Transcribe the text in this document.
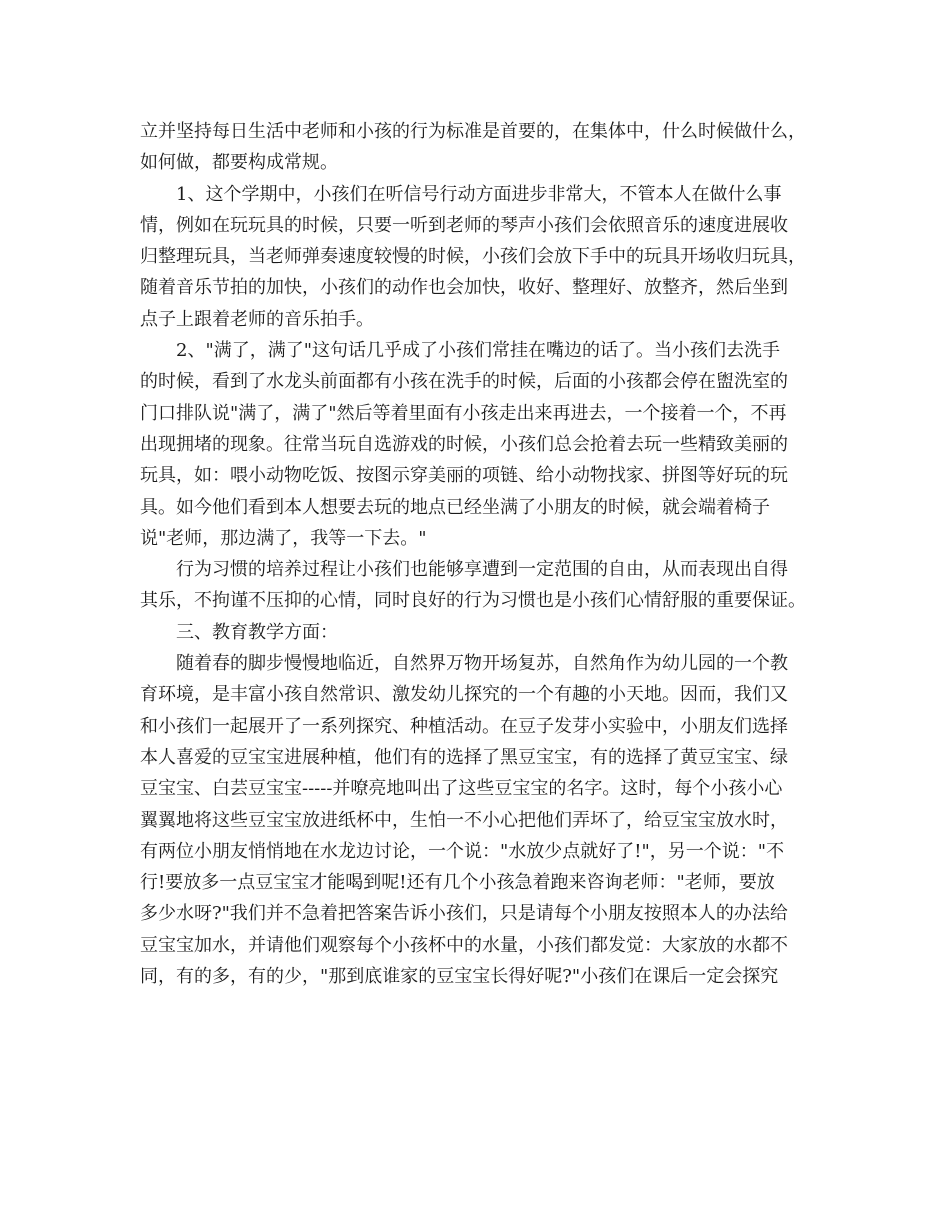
立并坚持每日生活中老师和小孩的行为标准是首要的，在集体中，什么时候做什么，
如何做，都要构成常规。
1、这个学期中，小孩们在听信号行动方面进步非常大，不管本人在做什么事
情，例如在玩玩具的时候，只要一听到老师的琴声小孩们会依照音乐的速度进展收
归整理玩具，当老师弹奏速度较慢的时候，小孩们会放下手中的玩具开场收归玩具，
随着音乐节拍的加快，小孩们的动作也会加快，收好、整理好、放整齐，然后坐到
点子上跟着老师的音乐拍手。
2、"满了，满了"这句话几乎成了小孩们常挂在嘴边的话了。当小孩们去洗手
的时候，看到了水龙头前面都有小孩在洗手的时候，后面的小孩都会停在盥洗室的
门口排队说"满了，满了"然后等着里面有小孩走出来再进去，一个接着一个，不再
出现拥堵的现象。往常当玩自选游戏的时候，小孩们总会抢着去玩一些精致美丽的
玩具，如：喂小动物吃饭、按图示穿美丽的项链、给小动物找家、拼图等好玩的玩
具。如今他们看到本人想要去玩的地点已经坐满了小朋友的时候，就会端着椅子
说"老师，那边满了，我等一下去。"
行为习惯的培养过程让小孩们也能够享遭到一定范围的自由，从而表现出自得
其乐，不拘谨不压抑的心情，同时良好的行为习惯也是小孩们心情舒服的重要保证。
三、教育教学方面：
随着春的脚步慢慢地临近，自然界万物开场复苏，自然角作为幼儿园的一个教
育环境，是丰富小孩自然常识、激发幼儿探究的一个有趣的小天地。因而，我们又
和小孩们一起展开了一系列探究、种植活动。在豆子发芽小实验中，小朋友们选择
本人喜爱的豆宝宝进展种植，他们有的选择了黑豆宝宝，有的选择了黄豆宝宝、绿
豆宝宝、白芸豆宝宝-----并嘹亮地叫出了这些豆宝宝的名字。这时，每个小孩小心
翼翼地将这些豆宝宝放进纸杯中，生怕一不小心把他们弄坏了，给豆宝宝放水时，
有两位小朋友悄悄地在水龙边讨论，一个说："水放少点就好了!"，另一个说："不
行!要放多一点豆宝宝才能喝到呢!还有几个小孩急着跑来咨询老师："老师，要放
多少水呀?"我们并不急着把答案告诉小孩们，只是请每个小朋友按照本人的办法给
豆宝宝加水，并请他们观察每个小孩杯中的水量，小孩们都发觉：大家放的水都不
同，有的多，有的少，"那到底谁家的豆宝宝长得好呢?"小孩们在课后一定会探究
